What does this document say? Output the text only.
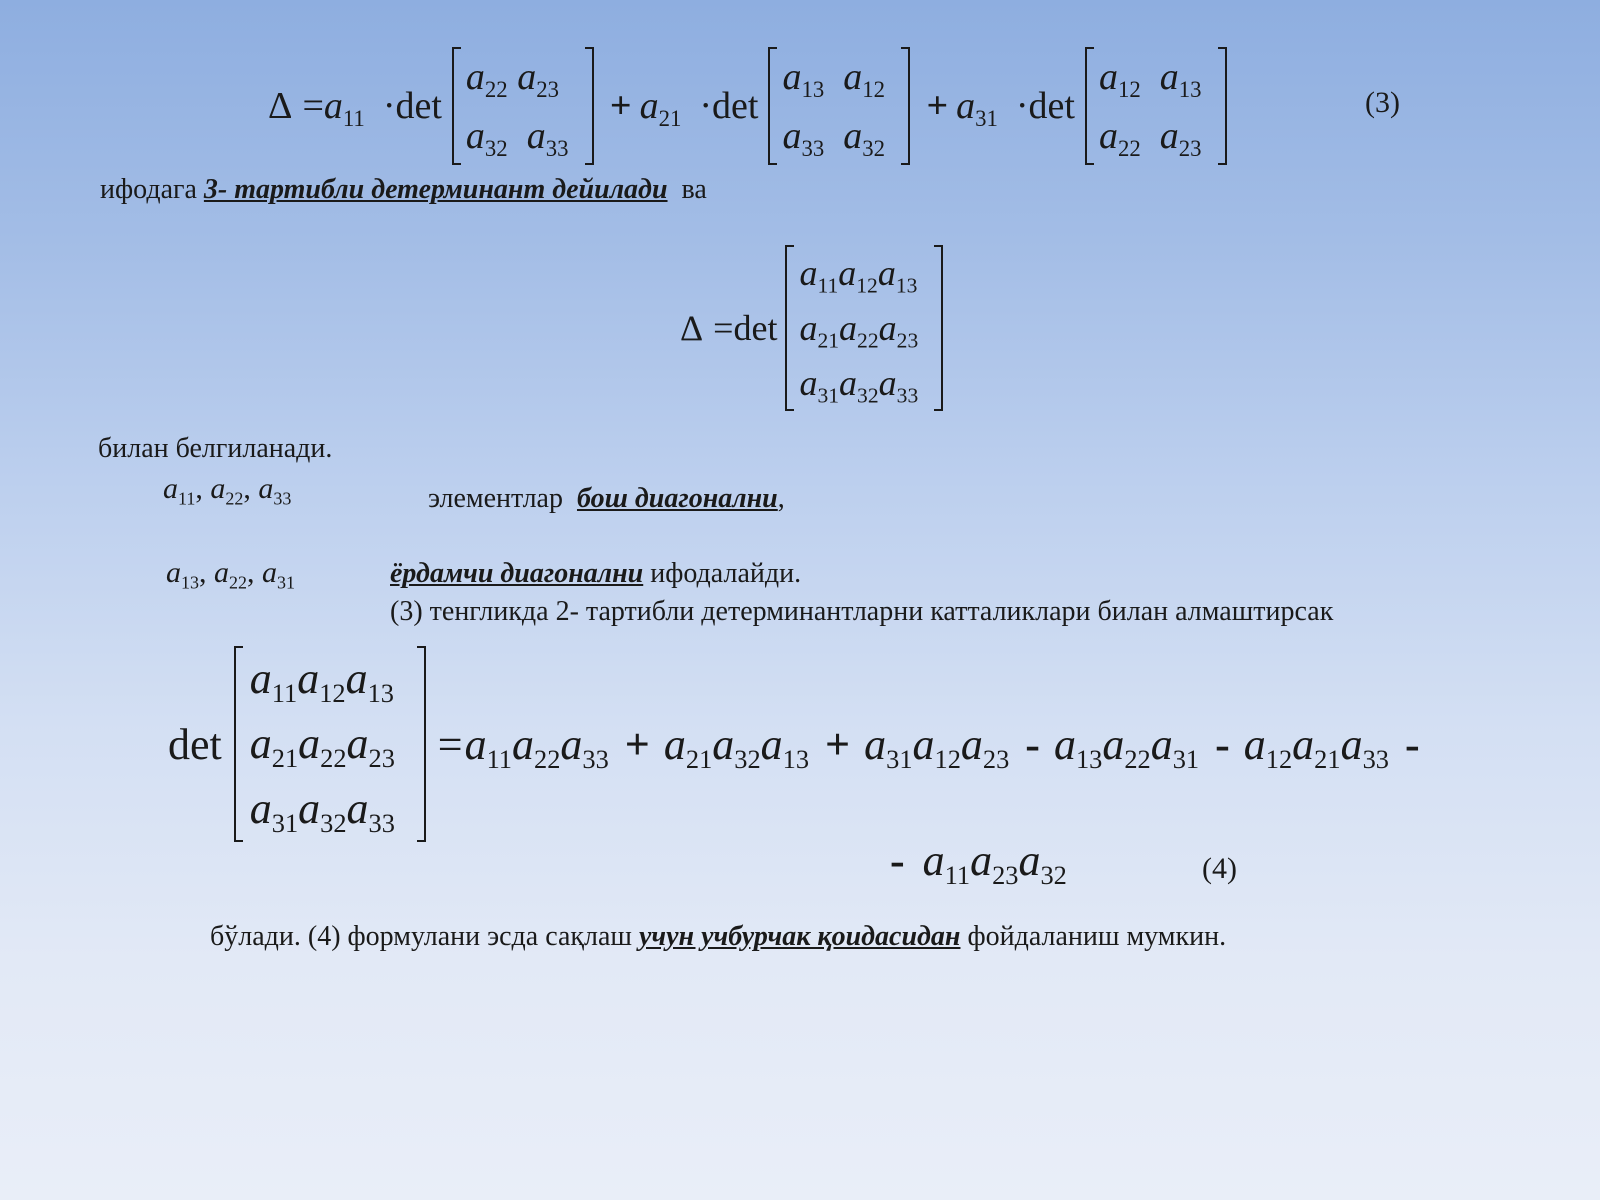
$\Delta = a_{11} \cdot\det$
$a_{22}$ $a_{23}$
$a_{32}$ $a_{33}$
+ $a_{21} \cdot\det$
$a_{13}$ $a_{12}$
$a_{33}$ $a_{32}$
+ $a_{31} \cdot\det$
$a_{12}$ $a_{13}$
$a_{22}$ $a_{23}$
(3)
ифодага 3- тартибли детерминант дейилади  ва
Δ = det
$a_{11}a_{12}a_{13}$
$a_{21}a_{22}a_{23}$
$a_{31}a_{32}a_{33}$
билан белгиланади.
$a_{11}$, $a_{22}$, $a_{33}$	элементлар  бош диагонални,
$a_{13}$, $a_{22}$, $a_{31}$	ёрдамчи диагонални ифодалайди.
(3) тенгликда 2- тартибли детерминантларни катталиклари билан алмаштирсак
det
$a_{11}a_{12}a_{13}$
$a_{21}a_{22}a_{23}$
$a_{31}a_{32}a_{33}$
= $a_{11}a_{22}a_{33} + a_{21}a_{32}a_{13} + a_{31}a_{12}a_{23} - a_{13}a_{22}a_{31} - a_{12}a_{21}a_{33}$ -
- $a_{11}a_{23}a_{32}$	(4)
бўлади. (4) формулани эсда сақлаш учун учбурчак қоидасидан фойдаланиш мумкин.
